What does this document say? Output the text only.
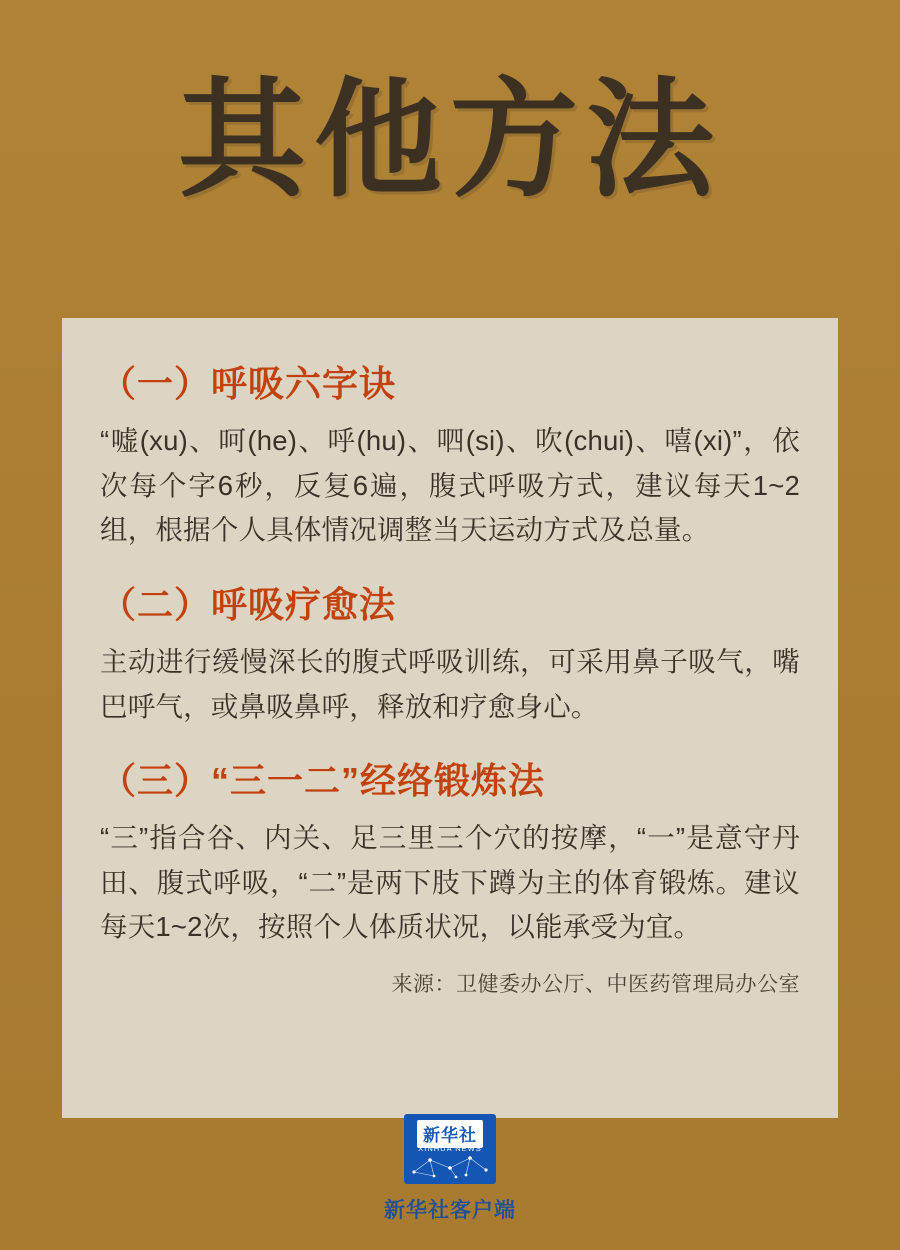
其他方法
（一）呼吸六字诀

“嘘(xu)、呵(he)、呼(hu)、呬(si)、吹(chui)、嘻(xi)”，依次每个字6秒，反复6遍，腹式呼吸方式，建议每天1~2组，根据个人具体情况调整当天运动方式及总量。

（二）呼吸疗愈法

主动进行缓慢深长的腹式呼吸训练，可采用鼻子吸气，嘴巴呼气，或鼻吸鼻呼，释放和疗愈身心。

（三）“三一二”经络锻炼法

“三”指合谷、内关、足三里三个穴的按摩，“一”是意守丹田、腹式呼吸，“二”是两下肢下蹲为主的体育锻炼。建议每天1~2次，按照个人体质状况，以能承受为宜。

来源：卫健委办公厅、中医药管理局办公室
新华社
XINHUA NEWS
新华社客户端
